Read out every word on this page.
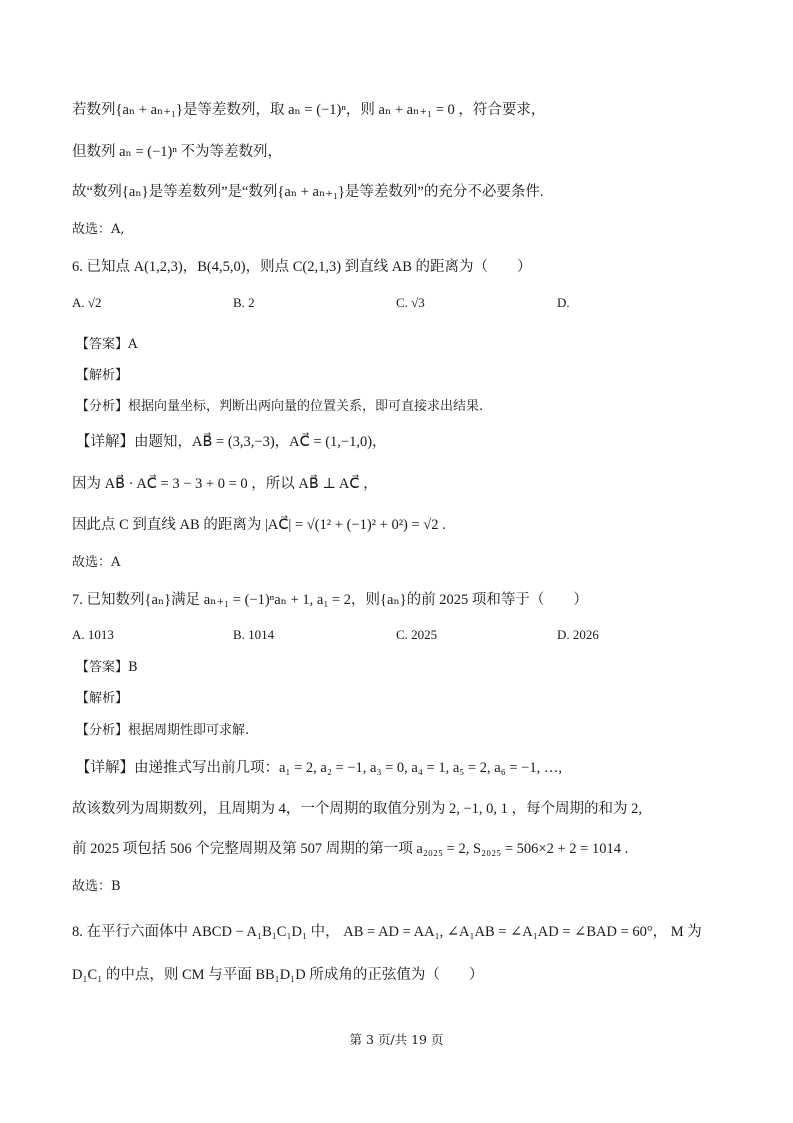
若数列{aₙ + aₙ₊₁}是等差数列，取 aₙ = (−1)ⁿ，则 aₙ + aₙ₊₁ = 0 ，符合要求，
但数列 aₙ = (−1)ⁿ 不为等差数列，
故“数列{aₙ}是等差数列”是“数列{aₙ + aₙ₊₁}是等差数列”的充分不必要条件.
故选：A,
6. 已知点 A(1,2,3)，B(4,5,0)，则点 C(2,1,3) 到直线 AB 的距离为（　　）
A. √2	B. 2	C. √3	D.
【答案】A
【解析】
【分析】根据向量坐标，判断出两向量的位置关系，即可直接求出结果.
【详解】由题知，AB⃗ = (3,3,−3)，AC⃗ = (1,−1,0)，
因为 AB⃗ · AC⃗ = 3 − 3 + 0 = 0 ，所以 AB⃗ ⊥ AC⃗ ，
因此点 C 到直线 AB 的距离为 |AC⃗| = √(1² + (−1)² + 0²) = √2 .
故选：A
7. 已知数列{aₙ}满足 aₙ₊₁ = (−1)ⁿaₙ + 1, a₁ = 2，则{aₙ}的前 2025 项和等于（　　）
A. 1013	B. 1014	C. 2025	D. 2026
【答案】B
【解析】
【分析】根据周期性即可求解.
【详解】由递推式写出前几项：a₁ = 2, a₂ = −1, a₃ = 0, a₄ = 1, a₅ = 2, a₆ = −1, …,
故该数列为周期数列，且周期为 4，一个周期的取值分别为 2, −1, 0, 1 ，每个周期的和为 2,
前 2025 项包括 506 个完整周期及第 507 周期的第一项 a₂₀₂₅ = 2, S₂₀₂₅ = 506×2 + 2 = 1014 .
故选：B
8. 在平行六面体中 ABCD − A₁B₁C₁D₁ 中， AB = AD = AA₁, ∠A₁AB = ∠A₁AD = ∠BAD = 60°， M 为
D₁C₁ 的中点，则 CM 与平面 BB₁D₁D 所成角的正弦值为（　　）
第 3 页/共 19 页
